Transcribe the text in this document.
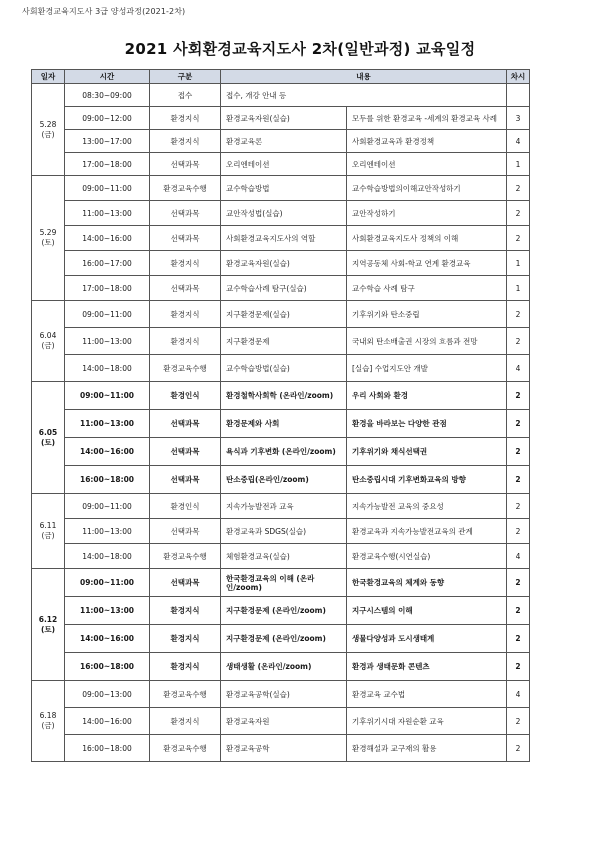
사회환경교육지도사 3급 양성과정(2021-2차)
2021 사회환경교육지도사 2차(일반과정) 교육일정
일자	시간	구분	내용		차시

5.28
(금)	08:30~09:00	접수	접수, 개강 안내 등		
	09:00~12:00	환경지식	환경교육자원(실습)	모두를 위한 환경교육 -세계의 환경교육 사례	3
	13:00~17:00	환경지식	환경교육론	사회환경교육과 환경정책	4
	17:00~18:00	선택과목	오리엔테이션	오리엔테이션	1

5.29
(토)	09:00~11:00	환경교육수행	교수학습방법	교수학습방법의이해교안작성하기	2
	11:00~13:00	선택과목	교안작성법(실습)	교안작성하기	2
	14:00~16:00	선택과목	사회환경교육지도사의 역할	사회환경교육지도사 정책의 이해	2
	16:00~17:00	환경지식	환경교육자원(실습)	지역공동체 사회-학교 연계 환경교육	1
	17:00~18:00	선택과목	교수학습사례 탐구(실습)	교수학습 사례 탐구	1

6.04
(금)	09:00~11:00	환경지식	지구환경문제(실습)	기후위기와 탄소중립	2
	11:00~13:00	환경지식	지구환경문제	국내외 탄소배출권 시장의 흐름과 전망	2
	14:00~18:00	환경교육수행	교수학습방법(실습)	[실습] 수업지도안 개발	4

6.05
(토)	09:00~11:00	환경인식	환경철학사회학 (온라인/zoom)	우리 사회와 환경	2
	11:00~13:00	선택과목	환경문제와 사회	환경을 바라보는 다양한 관점	2
	14:00~16:00	선택과목	욕식과 기후변화 (온라인/zoom)	기후위기와 채식선택권	2
	16:00~18:00	선택과목	탄소중립(온라인/zoom)	탄소중립시대 기후변화교육의 방향	2

6.11
(금)	09:00~11:00	환경인식	지속가능발전과 교육	지속가능발전 교육의 중요성	2
	11:00~13:00	선택과목	환경교육과 SDGS(실습)	환경교육과 지속가능발전교육의 관계	2
	14:00~18:00	환경교육수행	체험환경교육(실습)	환경교육수행(시연실습)	4

6.12
(토)	09:00~11:00	선택과목	한국환경교육의 이해 (온라인/zoom)	한국환경교육의 체계와 동향	2
	11:00~13:00	환경지식	지구환경문제 (온라인/zoom)	지구시스템의 이해	2
	14:00~16:00	환경지식	지구환경문제 (온라인/zoom)	생물다양성과 도시생태계	2
	16:00~18:00	환경지식	생태생활 (온라인/zoom)	환경과 생태문화 콘텐츠	2

6.18
(금)	09:00~13:00	환경교육수행	환경교육공학(실습)	환경교육 교수법	4
	14:00~16:00	환경지식	환경교육자원	기후위기시대 자원순환 교육	2
	16:00~18:00	환경교육수행	환경교육공학	환경해설과 교구재의 활용	2
